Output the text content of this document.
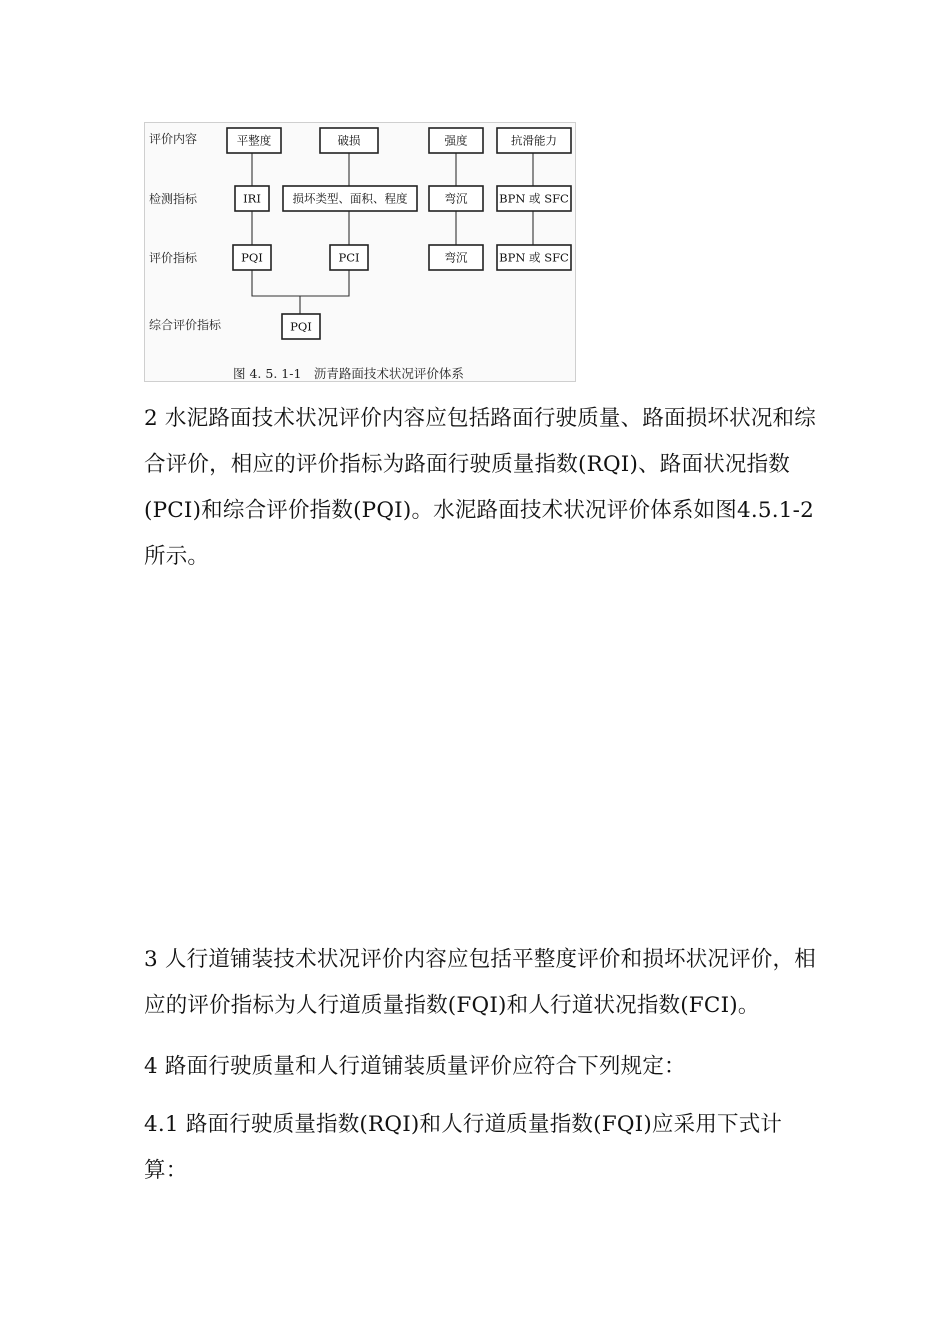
评价内容
检测指标
评价指标
综合评价指标
平整度	破损	强度	抗滑能力
IRI	损坏类型、面积、程度	弯沉	BPN 或 SFC
PQI	PCI	弯沉	BPN 或 SFC
PQI
图 4. 5. 1-1　沥青路面技术状况评价体系

2 水泥路面技术状况评价内容应包括路面行驶质量、路面损坏状况和综合评价，相应的评价指标为路面行驶质量指数(RQI)、路面状况指数(PCI)和综合评价指数(PQI)。水泥路面技术状况评价体系如图4.5.1-2所示。

3 人行道铺装技术状况评价内容应包括平整度评价和损坏状况评价，相应的评价指标为人行道质量指数(FQI)和人行道状况指数(FCI)。

4 路面行驶质量和人行道铺装质量评价应符合下列规定：

4.1 路面行驶质量指数(RQI)和人行道质量指数(FQI)应采用下式计算：
